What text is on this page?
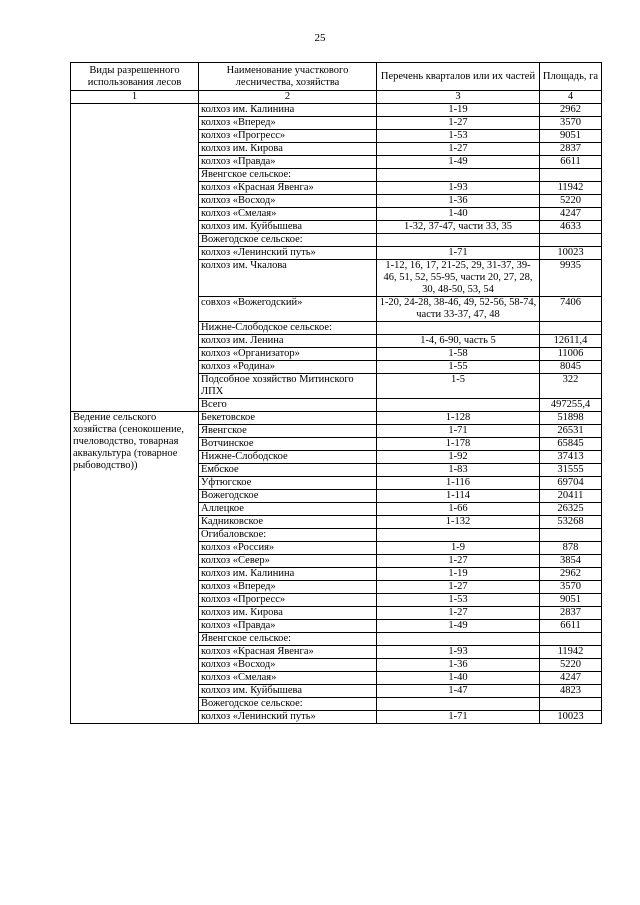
25
Виды разрешенного использования лесов	Наименование участкового лесничества, хозяйства	Перечень кварталов или их частей	Площадь, га
1	2	3	4
	колхоз им. Калинина	1-19	2962
	колхоз «Вперед»	1-27	3570
	колхоз «Прогресс»	1-53	9051
	колхоз им. Кирова	1-27	2837
	колхоз «Правда»	1-49	6611
	Явенгское сельское:		
	колхоз «Красная Явенга»	1-93	11942
	колхоз «Восход»	1-36	5220
	колхоз «Смелая»	1-40	4247
	колхоз им. Куйбышева	1-32, 37-47, части 33, 35	4633
	Вожегодское сельское:		
	колхоз «Ленинский путь»	1-71	10023
	колхоз им. Чкалова	1-12, 16, 17, 21-25, 29, 31-37, 39-46, 51, 52, 55-95, части 20, 27, 28, 30, 48-50, 53, 54	9935
	совхоз «Вожегодский»	1-20, 24-28, 38-46, 49, 52-56, 58-74, части 33-37, 47, 48	7406
	Нижне-Слободское сельское:		
	колхоз им. Ленина	1-4, 6-90, часть 5	12611,4
	колхоз «Организатор»	1-58	11006
	колхоз «Родина»	1-55	8045
	Подсобное хозяйство Митинского ЛПХ	1-5	322
	Всего		497255,4
Ведение сельского хозяйства (сенокошение, пчеловодство, товарная аквакультура (товарное рыбоводство))	Бекетовское	1-128	51898
	Явенгское	1-71	26531
	Вотчинское	1-178	65845
	Нижне-Слободское	1-92	37413
	Ембское	1-83	31555
	Уфтюгское	1-116	69704
	Вожегодское	1-114	20411
	Аллецкое	1-66	26325
	Кадниковское	1-132	53268
	Огибаловское:		
	колхоз «Россия»	1-9	878
	колхоз «Север»	1-27	3854
	колхоз им. Калинина	1-19	2962
	колхоз «Вперед»	1-27	3570
	колхоз «Прогресс»	1-53	9051
	колхоз им. Кирова	1-27	2837
	колхоз «Правда»	1-49	6611
	Явенгское сельское:		
	колхоз «Красная Явенга»	1-93	11942
	колхоз «Восход»	1-36	5220
	колхоз «Смелая»	1-40	4247
	колхоз им. Куйбышева	1-47	4823
	Вожегодское сельское:		
	колхоз «Ленинский путь»	1-71	10023
